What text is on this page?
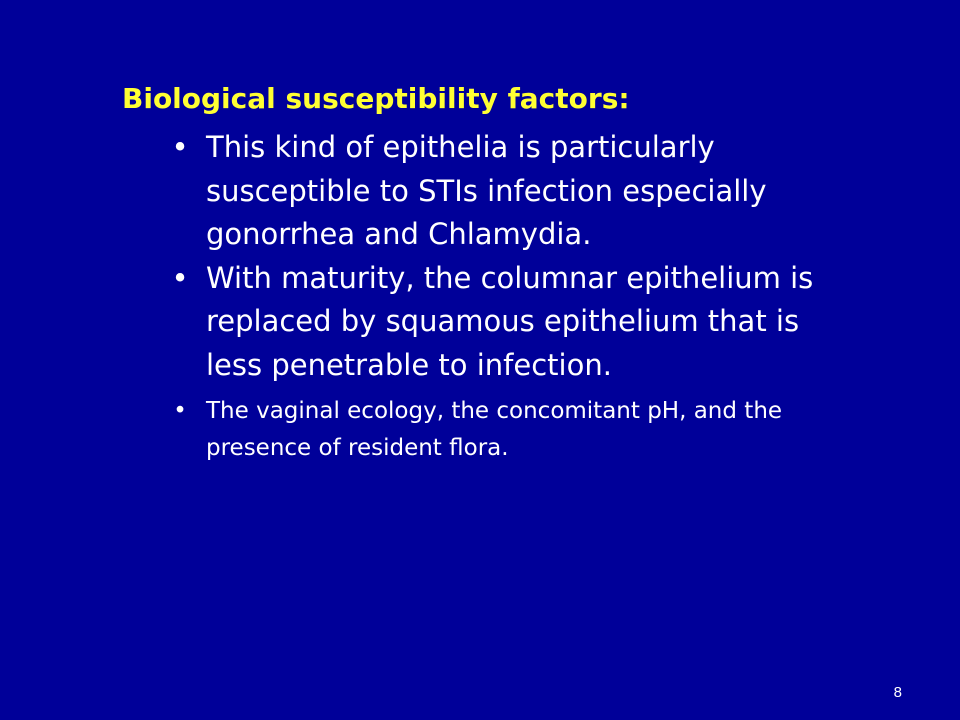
Biological susceptibility factors:
• This kind of epithelia is particularly susceptible to STIs infection especially gonorrhea and Chlamydia.
• With maturity, the columnar epithelium is replaced by squamous epithelium that is less penetrable to infection.
• The vaginal ecology, the concomitant pH, and the presence of resident flora.
8
